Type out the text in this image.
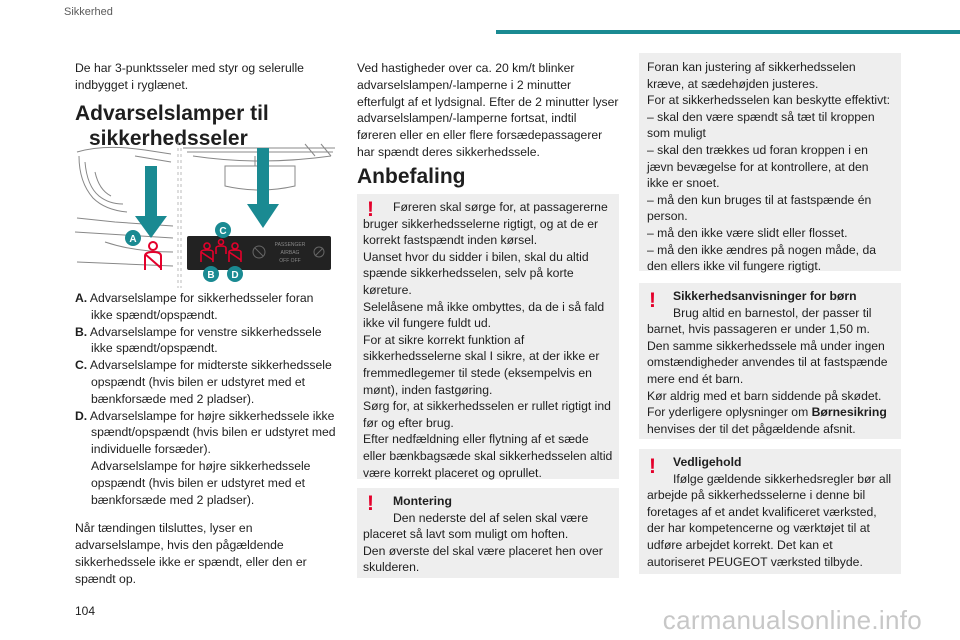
Sikkerhed

De har 3-punktsseler med styr og selerulle indbygget i ryglænet.

Advarselslamper til
sikkerhedsseler
A	PASSENGER
AIRBAG
OFF OFF
C
B D
A. Advarselslampe for sikkerhedsseler foran ikke spændt/opspændt.
B. Advarselslampe for venstre sikkerhedssele ikke spændt/opspændt.
C. Advarselslampe for midterste sikkerhedssele opspændt (hvis bilen er udstyret med et bænkforsæde med 2 pladser).
D. Advarselslampe for højre sikkerhedssele ikke spændt/opspændt (hvis bilen er udstyret med individuelle forsæder).
Advarselslampe for højre sikkerhedssele opspændt (hvis bilen er udstyret med et bænkforsæde med 2 pladser).

Når tændingen tilsluttes, lyser en advarselslampe, hvis den pågældende sikkerhedssele ikke er spændt, eller den er spændt op.

Ved hastigheder over ca. 20 km/t blinker advarselslampen/-lamperne i 2 minutter efterfulgt af et lydsignal. Efter de 2 minutter lyser advarselslampen/-lamperne fortsat, indtil føreren eller en eller flere forsædepassagerer har spændt deres sikkerhedssele.

Anbefaling
!	Føreren skal sørge for, at passagererne bruger sikkerhedsselerne rigtigt, og at de er korrekt fastspændt inden kørsel.

Uanset hvor du sidder i bilen, skal du altid spænde sikkerhedsselen, selv på korte køreture.

Selelåsene må ikke ombyttes, da de i så fald ikke vil fungere fuldt ud.

For at sikre korrekt funktion af sikkerhedsselerne skal I sikre, at der ikke er fremmedlegemer til stede (eksempelvis en mønt), inden fastgøring.

Sørg for, at sikkerhedsselen er rullet rigtigt ind før og efter brug.

Efter nedfældning eller flytning af et sæde eller bænkbagsæde skal sikkerhedsselen altid være korrekt placeret og oprullet.

!	Montering

Den nederste del af selen skal være placeret så lavt som muligt om hoften.

Den øverste del skal være placeret hen over skulderen.

Foran kan justering af sikkerhedsselen kræve, at sædehøjden justeres.

For at sikkerhedsselen kan beskytte effektivt:

– skal den være spændt så tæt til kroppen som muligt

– skal den trækkes ud foran kroppen i en jævn bevægelse for at kontrollere, at den ikke er snoet.

– må den kun bruges til at fastspænde én person.

– må den ikke være slidt eller flosset.

– må den ikke ændres på nogen måde, da den ellers ikke vil fungere rigtigt.

!	Sikkerhedsanvisninger for børn

Brug altid en barnestol, der passer til barnet, hvis passageren er under 1,50 m.

Den samme sikkerhedssele må under ingen omstændigheder anvendes til at fastspænde mere end ét barn.

Kør aldrig med et barn siddende på skødet.

For yderligere oplysninger om Børnesikring henvises der til det pågældende afsnit.

!	Vedligehold

Ifølge gældende sikkerhedsregler bør all arbejde på sikkerhedsselerne i denne bil foretages af et andet kvalificeret værksted, der har kompetencerne og værktøjet til at udføre arbejdet korrekt. Det kan et autoriseret PEUGEOT værksted tilbyde.

104	carmanualsonline.info
